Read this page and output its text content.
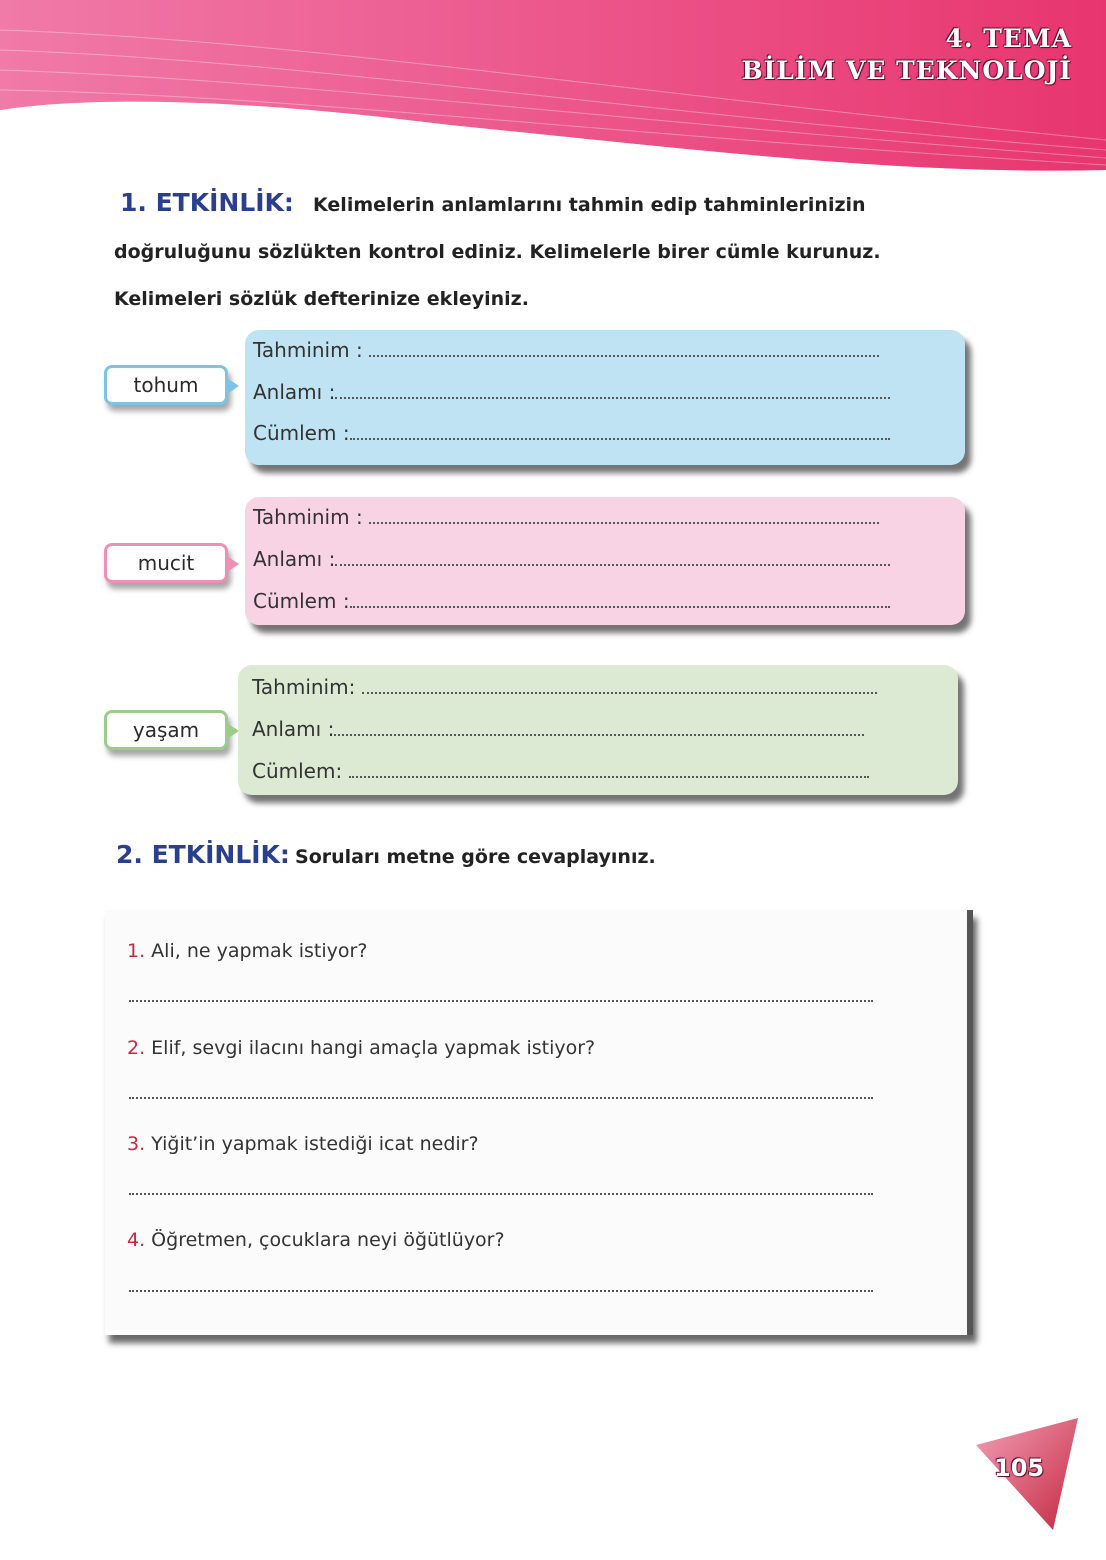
4. TEMA
BİLİM VE TEKNOLOJİ
1. ETKİNLİK: Kelimelerin anlamlarını tahmin edip tahminlerinizin
doğruluğunu sözlükten kontrol ediniz. Kelimelerle birer cümle kurunuz.
Kelimeleri sözlük defterinize ekleyiniz.
tohum
Tahminim :
Anlamı :
Cümlem :
mucit
Tahminim :
Anlamı :
Cümlem :
yaşam
Tahminim:
Anlamı :
Cümlem:
2. ETKİNLİK: Soruları metne göre cevaplayınız.
1. Ali, ne yapmak istiyor?
2. Elif, sevgi ilacını hangi amaçla yapmak istiyor?
3. Yiğit’in yapmak istediği icat nedir?
4. Öğretmen, çocuklara neyi öğütlüyor?
105
